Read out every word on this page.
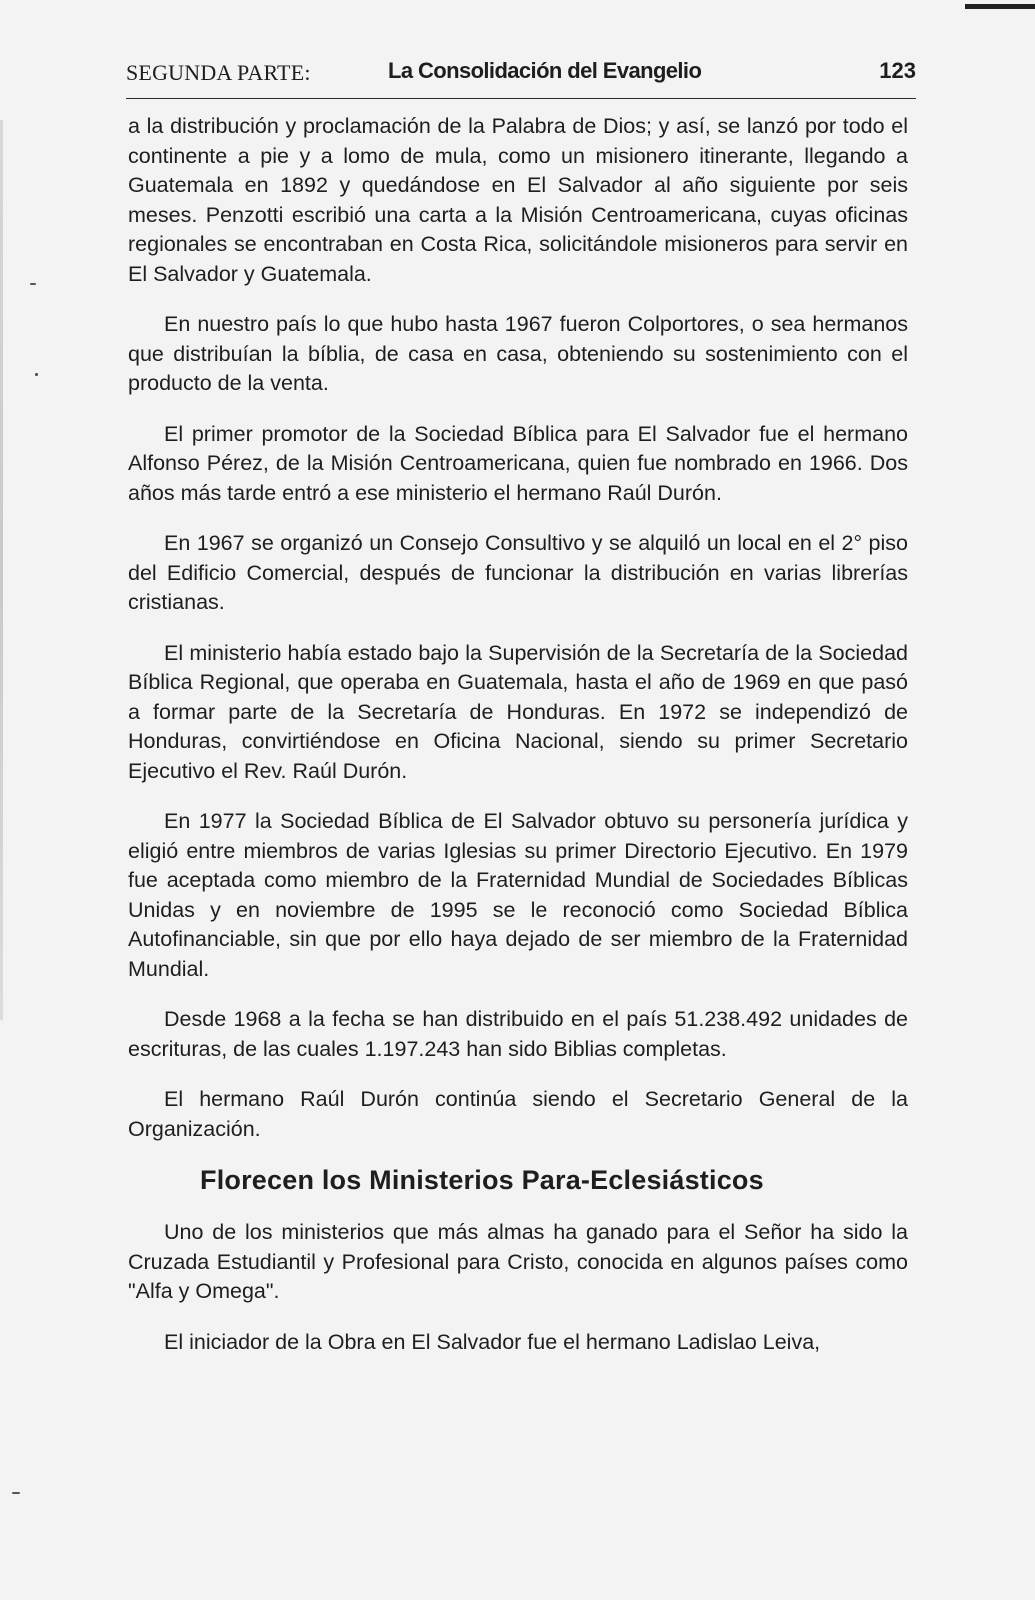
SEGUNDA PARTE:	La Consolidación del Evangelio	123

a la distribución y proclamación de la Palabra de Dios; y así, se lanzó por todo el continente a pie y a lomo de mula, como un misionero itinerante, llegando a Guatemala en 1892 y quedándose en El Salvador al año siguiente por seis meses. Penzotti escribió una carta a la Misión Centroamericana, cuyas oficinas regionales se encontraban en Costa Rica, solicitándole misioneros para servir en El Salvador y Guatemala.

En nuestro país lo que hubo hasta 1967 fueron Colportores, o sea hermanos que distribuían la bíblia, de casa en casa, obteniendo su sostenimiento con el producto de la venta.

El primer promotor de la Sociedad Bíblica para El Salvador fue el hermano Alfonso Pérez, de la Misión Centroamericana, quien fue nombrado en 1966. Dos años más tarde entró a ese ministerio el hermano Raúl Durón.

En 1967 se organizó un Consejo Consultivo y se alquiló un local en el 2° piso del Edificio Comercial, después de funcionar la distribución en varias librerías cristianas.

El ministerio había estado bajo la Supervisión de la Secretaría de la Sociedad Bíblica Regional, que operaba en Guatemala, hasta el año de 1969 en que pasó a formar parte de la Secretaría de Honduras. En 1972 se independizó de Honduras, convirtiéndose en Oficina Nacional, siendo su primer Secretario Ejecutivo el Rev. Raúl Durón.

En 1977 la Sociedad Bíblica de El Salvador obtuvo su personería jurídica y eligió entre miembros de varias Iglesias su primer Directorio Ejecutivo. En 1979 fue aceptada como miembro de la Fraternidad Mundial de Sociedades Bíblicas Unidas y en noviembre de 1995 se le reconoció como Sociedad Bíblica Autofinanciable, sin que por ello haya dejado de ser miembro de la Fraternidad Mundial.

Desde 1968 a la fecha se han distribuido en el país 51.238.492 unidades de escrituras, de las cuales 1.197.243 han sido Biblias completas.

El hermano Raúl Durón continúa siendo el Secretario General de la Organización.

Florecen los Ministerios Para-Eclesiásticos

Uno de los ministerios que más almas ha ganado para el Señor ha sido la Cruzada Estudiantil y Profesional para Cristo, conocida en algunos países como "Alfa y Omega".

El iniciador de la Obra en El Salvador fue el hermano Ladislao Leiva,
